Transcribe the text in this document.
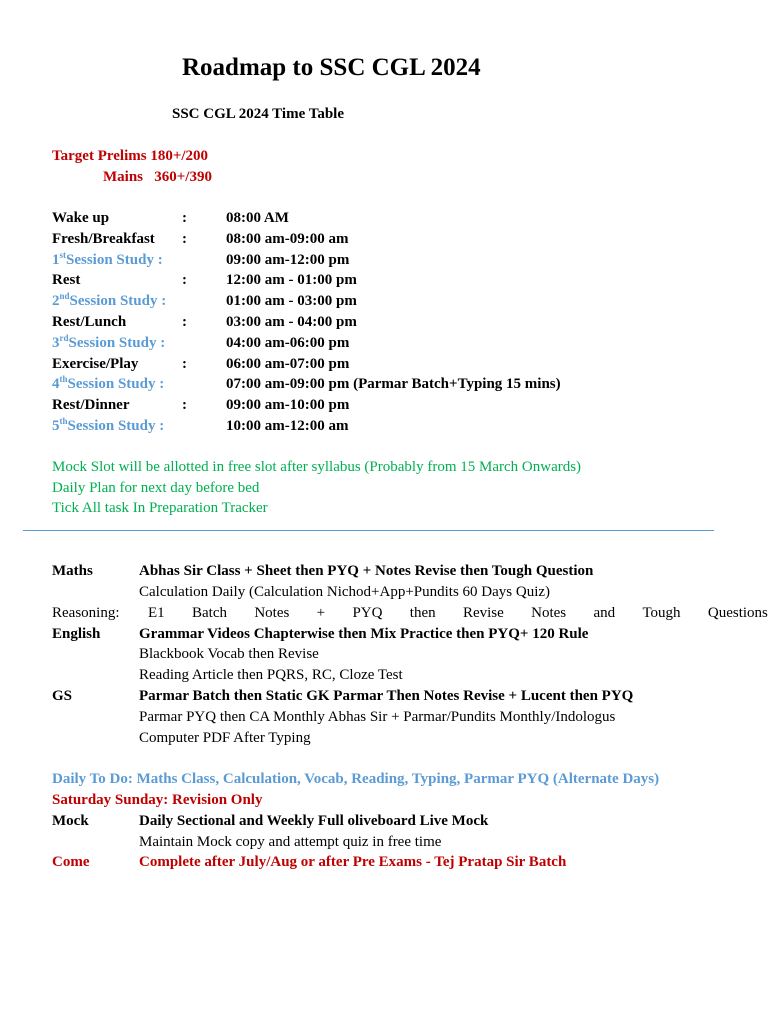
Roadmap to SSC CGL 2024
SSC CGL 2024 Time Table
Target Prelims 180+/200
Mains   360+/390
Wake up	:	08:00 AM
Fresh/Breakfast :	08:00 am-09:00 am
1stSession Study :	09:00 am-12:00 pm
Rest	:	12:00 am - 01:00 pm
2ndSession Study :	01:00 am - 03:00 pm
Rest/Lunch	:	03:00 am - 04:00 pm
3rdSession Study :	04:00 am-06:00 pm
Exercise/Play	:	06:00 am-07:00 pm
4thSession Study :	07:00 am-09:00 pm (Parmar Batch+Typing 15 mins)
Rest/Dinner	:	09:00 am-10:00 pm
5thSession Study :	10:00 am-12:00 am
Mock Slot will be allotted in free slot after syllabus (Probably from 15 March Onwards)
Daily Plan for next day before bed
Tick All task In Preparation Tracker
Maths	Abhas Sir Class + Sheet then PYQ + Notes Revise then Tough Question
Calculation Daily (Calculation Nichod+App+Pundits 60 Days Quiz)
Reasoning: E1 Batch Notes + PYQ then Revise Notes and Tough Questions
English	Grammar Videos Chapterwise then Mix Practice then PYQ+ 120 Rule
Blackbook Vocab then Revise
Reading Article then PQRS, RC, Cloze Test
GS	Parmar Batch then Static GK Parmar Then Notes Revise + Lucent then PYQ
Parmar PYQ then CA Monthly Abhas Sir + Parmar/Pundits Monthly/Indologus
Computer PDF After Typing
Daily To Do: Maths Class, Calculation, Vocab, Reading, Typing, Parmar PYQ (Alternate Days)
Saturday Sunday: Revision Only
Mock	Daily Sectional and Weekly Full oliveboard Live Mock
Maintain Mock copy and attempt quiz in free time
Come	Complete after July/Aug or after Pre Exams - Tej Pratap Sir Batch
